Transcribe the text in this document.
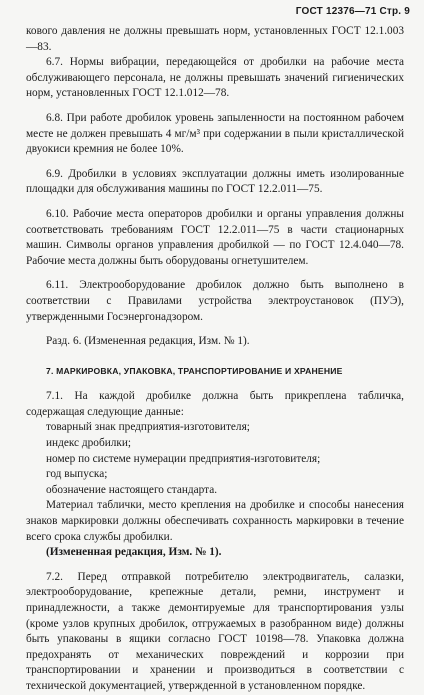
ГОСТ 12376—71 Стр. 9

кового давления не должны превышать норм, установленных ГОСТ 12.1.003—83.

6.7. Нормы вибрации, передающейся от дробилки на рабочие места обслуживающего персонала, не должны превышать значений гигиенических норм, установленных ГОСТ 12.1.012—78.

6.8. При работе дробилок уровень запыленности на постоянном рабочем месте не должен превышать 4 мг/м³ при содержании в пыли кристаллической двуокиси кремния не более 10%.

6.9. Дробилки в условиях эксплуатации должны иметь изолированные площадки для обслуживания машины по ГОСТ 12.2.011—75.

6.10. Рабочие места операторов дробилки и органы управления должны соответствовать требованиям ГОСТ 12.2.011—75 в части стационарных машин. Символы органов управления дробилкой — по ГОСТ 12.4.040—78. Рабочие места должны быть оборудованы огнетушителем.

6.11. Электрооборудование дробилок должно быть выполнено в соответствии с Правилами устройства электроустановок (ПУЭ), утвержденными Госэнергонадзором.

Разд. 6. (Измененная редакция, Изм. № 1).

7. МАРКИРОВКА, УПАКОВКА, ТРАНСПОРТИРОВАНИЕ И ХРАНЕНИЕ

7.1. На каждой дробилке должна быть прикреплена табличка, содержащая следующие данные:

товарный знак предприятия-изготовителя;
индекс дробилки;
номер по системе нумерации предприятия-изготовителя;
год выпуска;
обозначение настоящего стандарта.

Материал таблички, место крепления на дробилке и способы нанесения знаков маркировки должны обеспечивать сохранность маркировки в течение всего срока службы дробилки.

(Измененная редакция, Изм. № 1).

7.2. Перед отправкой потребителю электродвигатель, салазки, электрооборудование, крепежные детали, ремни, инструмент и принадлежности, а также демонтируемые для транспортирования узлы (кроме узлов крупных дробилок, отгружаемых в разобранном виде) должны быть упакованы в ящики согласно ГОСТ 10198—78. Упаковка должна предохранять от механических повреждений и коррозии при транспортировании и хранении и производиться в соответствии с технической документацией, утвержденной в установленном порядке.
